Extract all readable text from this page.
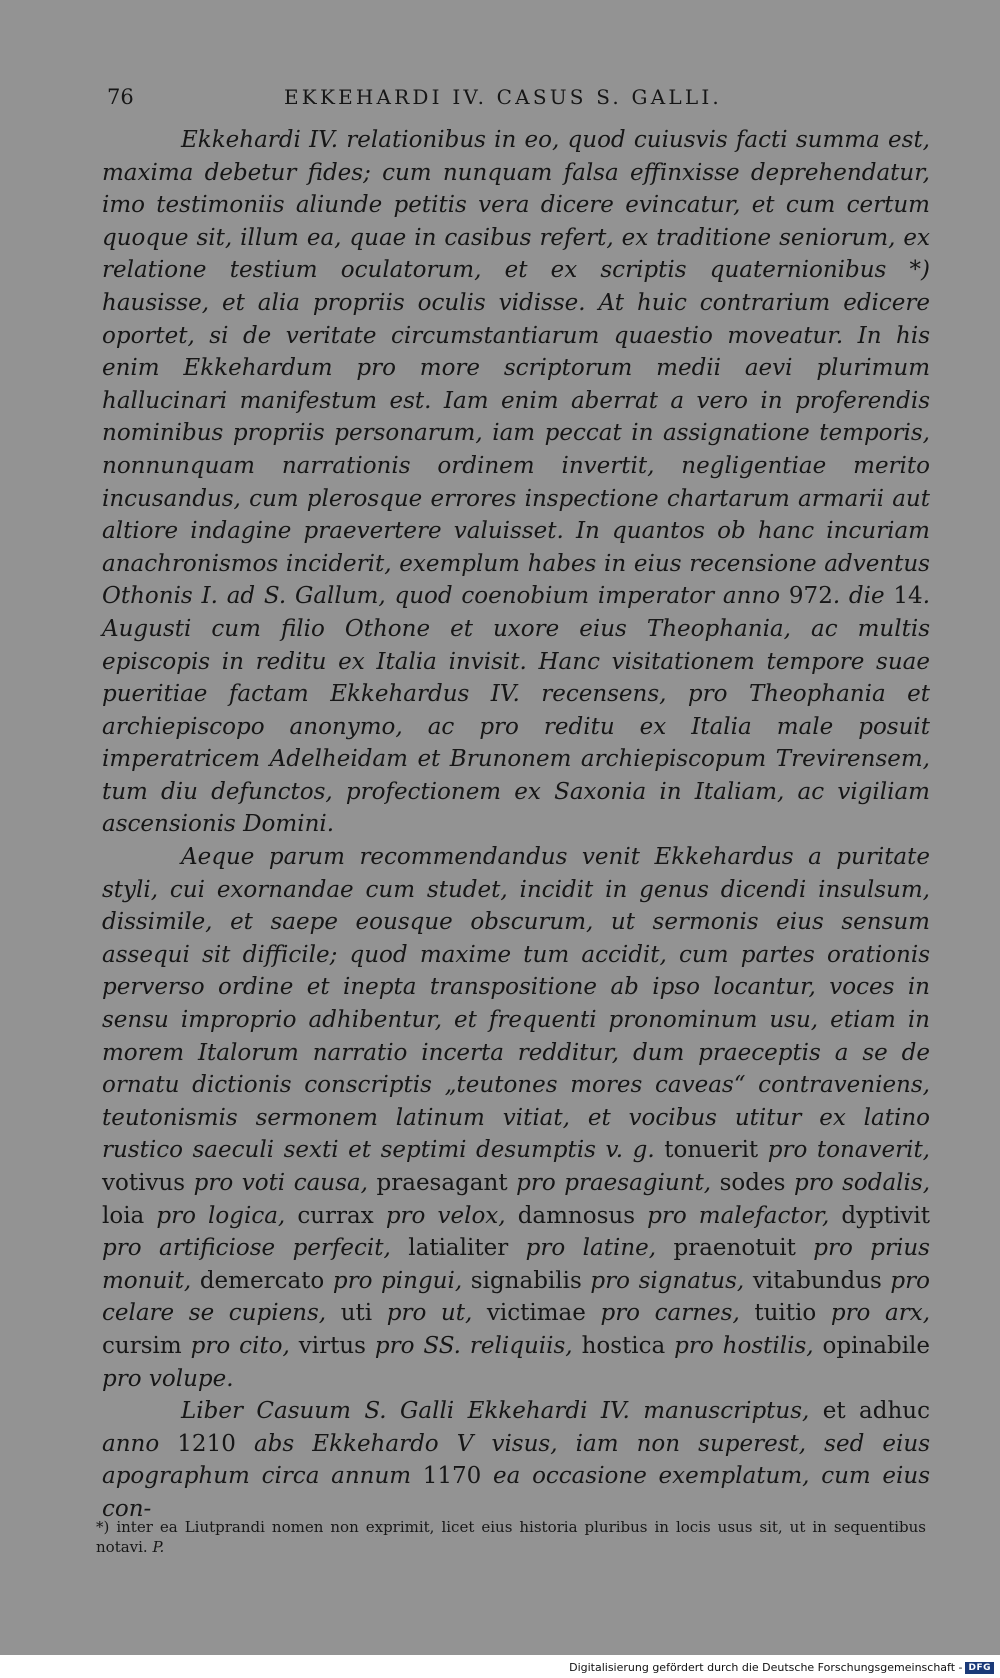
76	EKKEHARDI IV. CASUS S. GALLI.

Ekkehardi IV. relationibus in eo, quod cuiusvis facti summa est, maxima debetur fides; cum nunquam falsa effinxisse deprehendatur, imo testimoniis aliunde petitis vera dicere evincatur, et cum certum quoque sit, illum ea, quae in casibus refert, ex traditione seniorum, ex relatione testium oculatorum, et ex scriptis quaternionibus *) hausisse, et alia propriis oculis vidisse. At huic contrarium edicere oportet, si de veritate circumstantiarum quaestio moveatur. In his enim Ekkehardum pro more scriptorum medii aevi plurimum hallucinari manifestum est. Iam enim aberrat a vero in proferendis nominibus propriis personarum, iam peccat in assignatione temporis, nonnunquam narrationis ordinem invertit, negligentiae merito incusandus, cum plerosque errores inspectione chartarum armarii aut altiore indagine praevertere valuisset. In quantos ob hanc incuriam anachronismos inciderit, exemplum habes in eius recensione adventus Othonis I. ad S. Gallum, quod coenobium imperator anno 972. die 14. Augusti cum filio Othone et uxore eius Theophania, ac multis episcopis in reditu ex Italia invisit. Hanc visitationem tempore suae pueritiae factam Ekkehardus IV. recensens, pro Theophania et archiepiscopo anonymo, ac pro reditu ex Italia male posuit imperatricem Adelheidam et Brunonem archiepiscopum Trevirensem, tum diu defunctos, profectionem ex Saxonia in Italiam, ac vigiliam ascensionis Domini.

Aeque parum recommendandus venit Ekkehardus a puritate styli, cui exornandae cum studet, incidit in genus dicendi insulsum, dissimile, et saepe eousque obscurum, ut sermonis eius sensum assequi sit difficile; quod maxime tum accidit, cum partes orationis perverso ordine et inepta transpositione ab ipso locantur, voces in sensu improprio adhibentur, et frequenti pronominum usu, etiam in morem Italorum narratio incerta redditur, dum praeceptis a se de ornatu dictionis conscriptis „teutones mores caveas“ contraveniens, teutonismis sermonem latinum vitiat, et vocibus utitur ex latino rustico saeculi sexti et septimi desumptis v. g. tonuerit pro tonaverit, votivus pro voti causa, praesagant pro praesagiunt, sodes pro sodalis, loia pro logica, currax pro velox, damnosus pro malefactor, dyptivit pro artificiose perfecit, latialiter pro latine, praenotuit pro prius monuit, demercato pro pingui, signabilis pro signatus, vitabundus pro celare se cupiens, uti pro ut, victimae pro carnes, tuitio pro arx, cursim pro cito, virtus pro SS. reliquiis, hostica pro hostilis, opinabile pro volupe.

Liber Casuum S. Galli Ekkehardi IV. manuscriptus, et adhuc anno 1210 abs Ekkehardo V visus, iam non superest, sed eius apographum circa annum 1170 ea occasione exemplatum, cum eius con-

*) inter ea Liutprandi nomen non exprimit, licet eius historia pluribus in locis usus sit, ut in sequentibus notavi. P.
Digitalisierung gefördert durch die Deutsche Forschungsgemeinschaft - DFG
